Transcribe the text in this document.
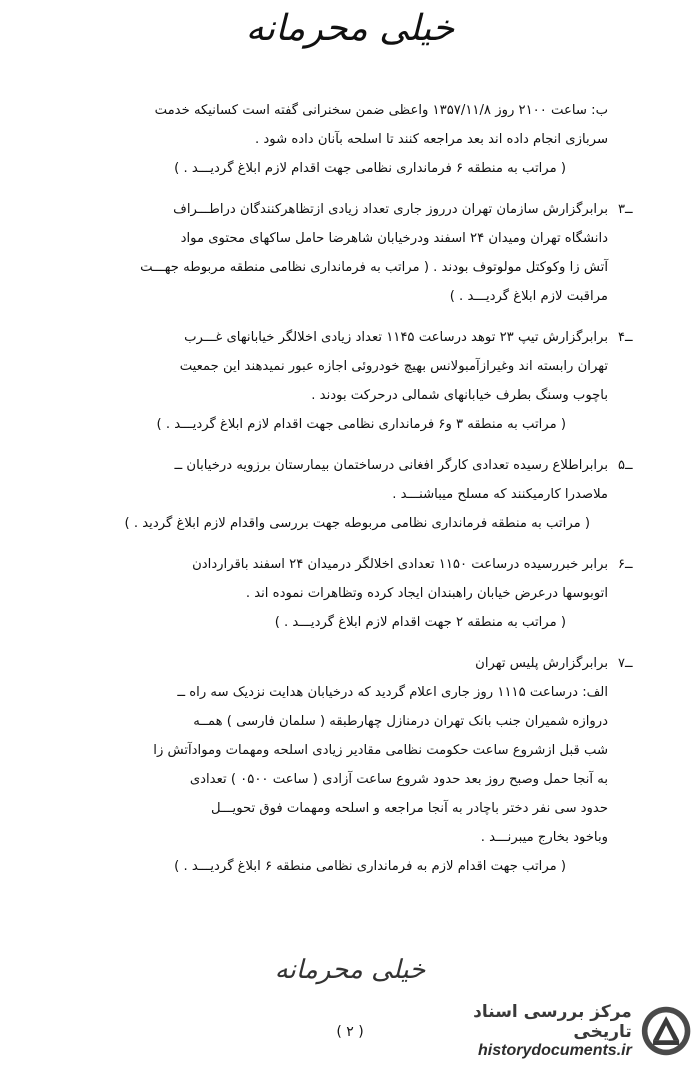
خیلی محرمانه
ب: ساعت ۲۱۰۰ روز ۱۳۵۷/۱۱/۸ واعظی ضمن سخنرانی گفته است کسانیکه خدمت
سربازی انجام داده اند بعد مراجعه کنند تا اسلحه بآنان داده شود .
( مراتب به منطقه ۶ فرمانداری نظامی جهت اقدام لازم ابلاغ گردیـــد . )
۳ــ
برابرگزارش سازمان تهران درروز جاری تعداد زیادی ازتظاهرکنندگان دراطـــراف
دانشگاه تهران ومیدان ۲۴ اسفند ودرخیابان شاهرضا حامل ساکهای محتوی مواد
آتش زا وکوکتل مولوتوف بودند . ( مراتب به فرمانداری نظامی منطقه مربوطه جهـــت
مراقبت لازم ابلاغ گردیـــد . )
۴ــ
برابرگزارش تیپ ۲۳ توهد درساعت ۱۱۴۵ تعداد زیادی اخلالگر خیابانهای غـــرب
تهران رابسته اند وغیرازآمبولانس بهیچ خودروئی اجازه عبور نمیدهند این جمعیت
باچوب وسنگ بطرف خیابانهای شمالی درحرکت بودند .
( مراتب به منطقه ۳ و۶ فرمانداری نظامی جهت اقدام لازم ابلاغ گردیـــد . )
۵ــ
برابراطلاع رسیده تعدادی کارگر افغانی درساختمان بیمارستان برزویه درخیابان ــ
ملاصدرا کارمیکنند که مسلح میباشنـــد .
( مراتب به منطقه فرمانداری نظامی مربوطه جهت بررسی واقدام لازم ابلاغ گردید . )
۶ــ
برابر خبررسیده درساعت ۱۱۵۰ تعدادی اخلالگر درمیدان ۲۴ اسفند باقراردادن
اتوبوسها درعرض خیابان راهبندان ایجاد کرده وتظاهرات نموده اند .
( مراتب به منطقه ۲ جهت اقدام لازم ابلاغ گردیـــد . )
۷ــ
برابرگزارش پلیس تهران
الف: درساعت ۱۱۱۵ روز جاری اعلام گردید که درخیابان هدایت نزدیک سه راه ــ
دروازه شمیران جنب بانک تهران درمنازل چهارطبقه ( سلمان فارسی ) همــه
شب قبل ازشروع ساعت حکومت نظامی مقادیر زیادی اسلحه ومهمات وموادآتش زا
به آنجا حمل وصبح روز بعد حدود شروع ساعت آزادی ( ساعت ۰۵۰۰ ) تعدادی
حدود سی نفر دختر باچادر به آنجا مراجعه و اسلحه ومهمات فوق تحویـــل
وباخود بخارج میبرنـــد .
( مراتب جهت اقدام لازم به فرمانداری نظامی منطقه ۶ ابلاغ گردیـــد . )
خیلی محرمانه
( ۲ )
مرکز بررسی اسناد تاریخی
historydocuments.ir
